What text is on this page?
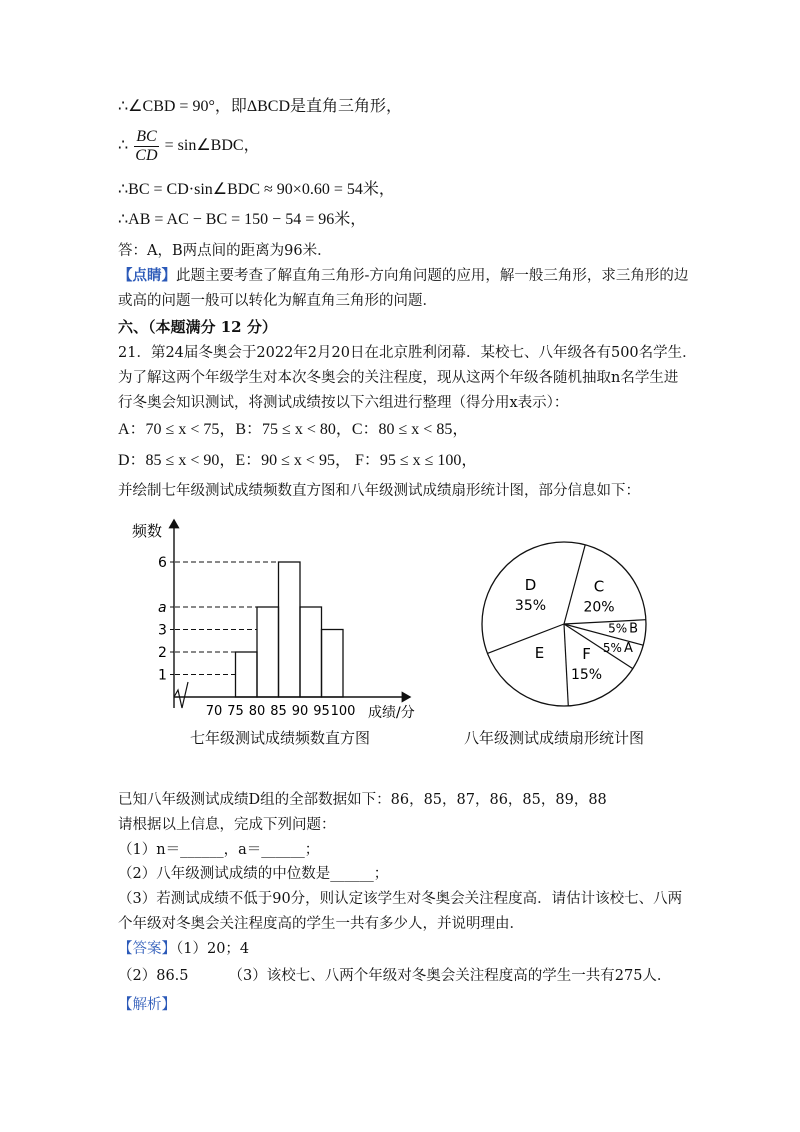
∴∠CBD = 90°，即ΔBCD是直角三角形，
∴ $\frac{BC}{CD}$ = sin∠BDC，
∴BC = CD·sin∠BDC ≈ 90×0.60 = 54米，
∴AB = AC − BC = 150 − 54 = 96米，
答：A，B两点间的距离为96米．
【点睛】此题主要考查了解直角三角形-方向角问题的应用，解一般三角形，求三角形的边
或高的问题一般可以转化为解直角三角形的问题．
六、（本题满分 12 分）
21．第24届冬奥会于2022年2月20日在北京胜利闭幕．某校七、八年级各有500名学生．
为了解这两个年级学生对本次冬奥会的关注程度，现从这两个年级各随机抽取n名学生进
行冬奥会知识测试，将测试成绩按以下六组进行整理（得分用x表示）：
A：70 ≤ x < 75，B：75 ≤ x < 80，C：80 ≤ x < 85，
D：85 ≤ x < 90，E：90 ≤ x < 95， F：95 ≤ x ≤ 100，
并绘制七年级测试成绩频数直方图和八年级测试成绩扇形统计图，部分信息如下：
1
2
3
a
6
70 75 80 85 90 95 100
频数
成绩/分
七年级测试成绩频数直方图
C
20%
B
5%
A
5%
F
15%
E
D
35%
八年级测试成绩扇形统计图
已知八年级测试成绩D组的全部数据如下：86，85，87，86，85，89，88
请根据以上信息，完成下列问题：
（1）n＝______，a＝______；
（2）八年级测试成绩的中位数是______；
（3）若测试成绩不低于90分，则认定该学生对冬奥会关注程度高．请估计该校七、八两
个年级对冬奥会关注程度高的学生一共有多少人，并说明理由．
【答案】（1）20；4
（2）86.5	（3）该校七、八两个年级对冬奥会关注程度高的学生一共有275人．
【解析】
